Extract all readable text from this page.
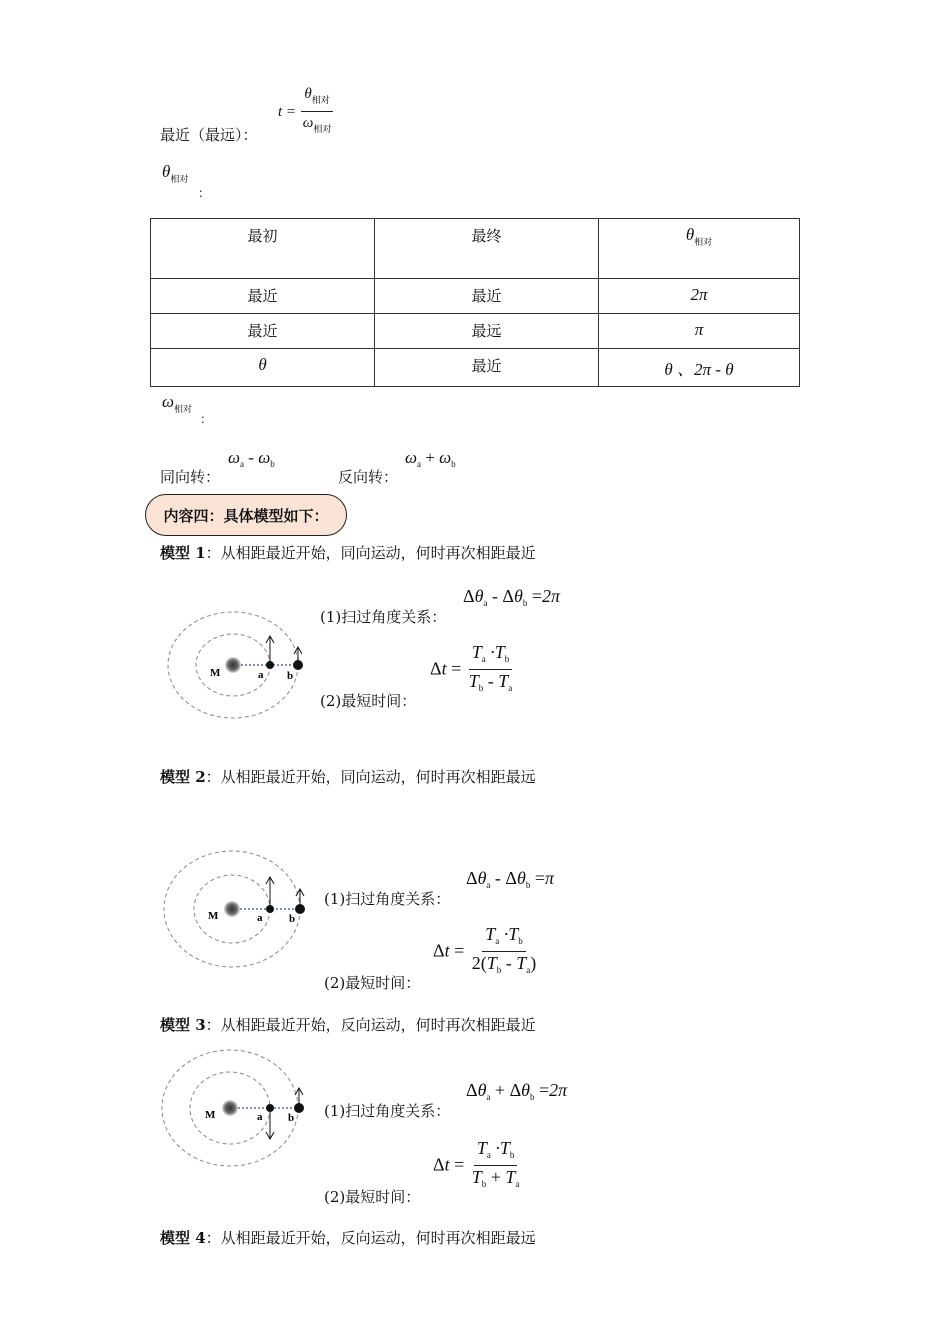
$t = \frac{\theta_{相对}}{\omega_{相对}}$
最近（最远）：
$\theta_{相对}$
：
最初	最终	$\theta_{相对}$
最近	最近	2π
最近	最远	π
θ	最近	θ 、2π - θ
$\omega_{相对}$
：
同向转：
$\omega_a - \omega_b$
反向转：
$\omega_a + \omega_b$
内容四：具体模型如下：
模型 1：从相距最近开始，同向运动，何时再次相距最近
M	a b
(1)扫过角度关系：
$\Delta\theta_a - \Delta\theta_b =2\pi$
(2)最短时间：
$\Delta t = \frac{T_a \cdot T_b}{T_b - T_a}$
模型 2：从相距最近开始，同向运动，何时再次相距最远
M	a b
(1)扫过角度关系：
$\Delta\theta_a - \Delta\theta_b =\pi$
(2)最短时间：
$\Delta t = \frac{T_a \cdot T_b}{2(T_b - T_a)}$
模型 3：从相距最近开始，反向运动，何时再次相距最近
M	a b (1)扫过角度关系：
$\Delta\theta_a + \Delta\theta_b =2\pi$
(2)最短时间：
$\Delta t = \frac{T_a \cdot T_b}{T_b + T_a}$
模型 4：从相距最近开始，反向运动，何时再次相距最远
